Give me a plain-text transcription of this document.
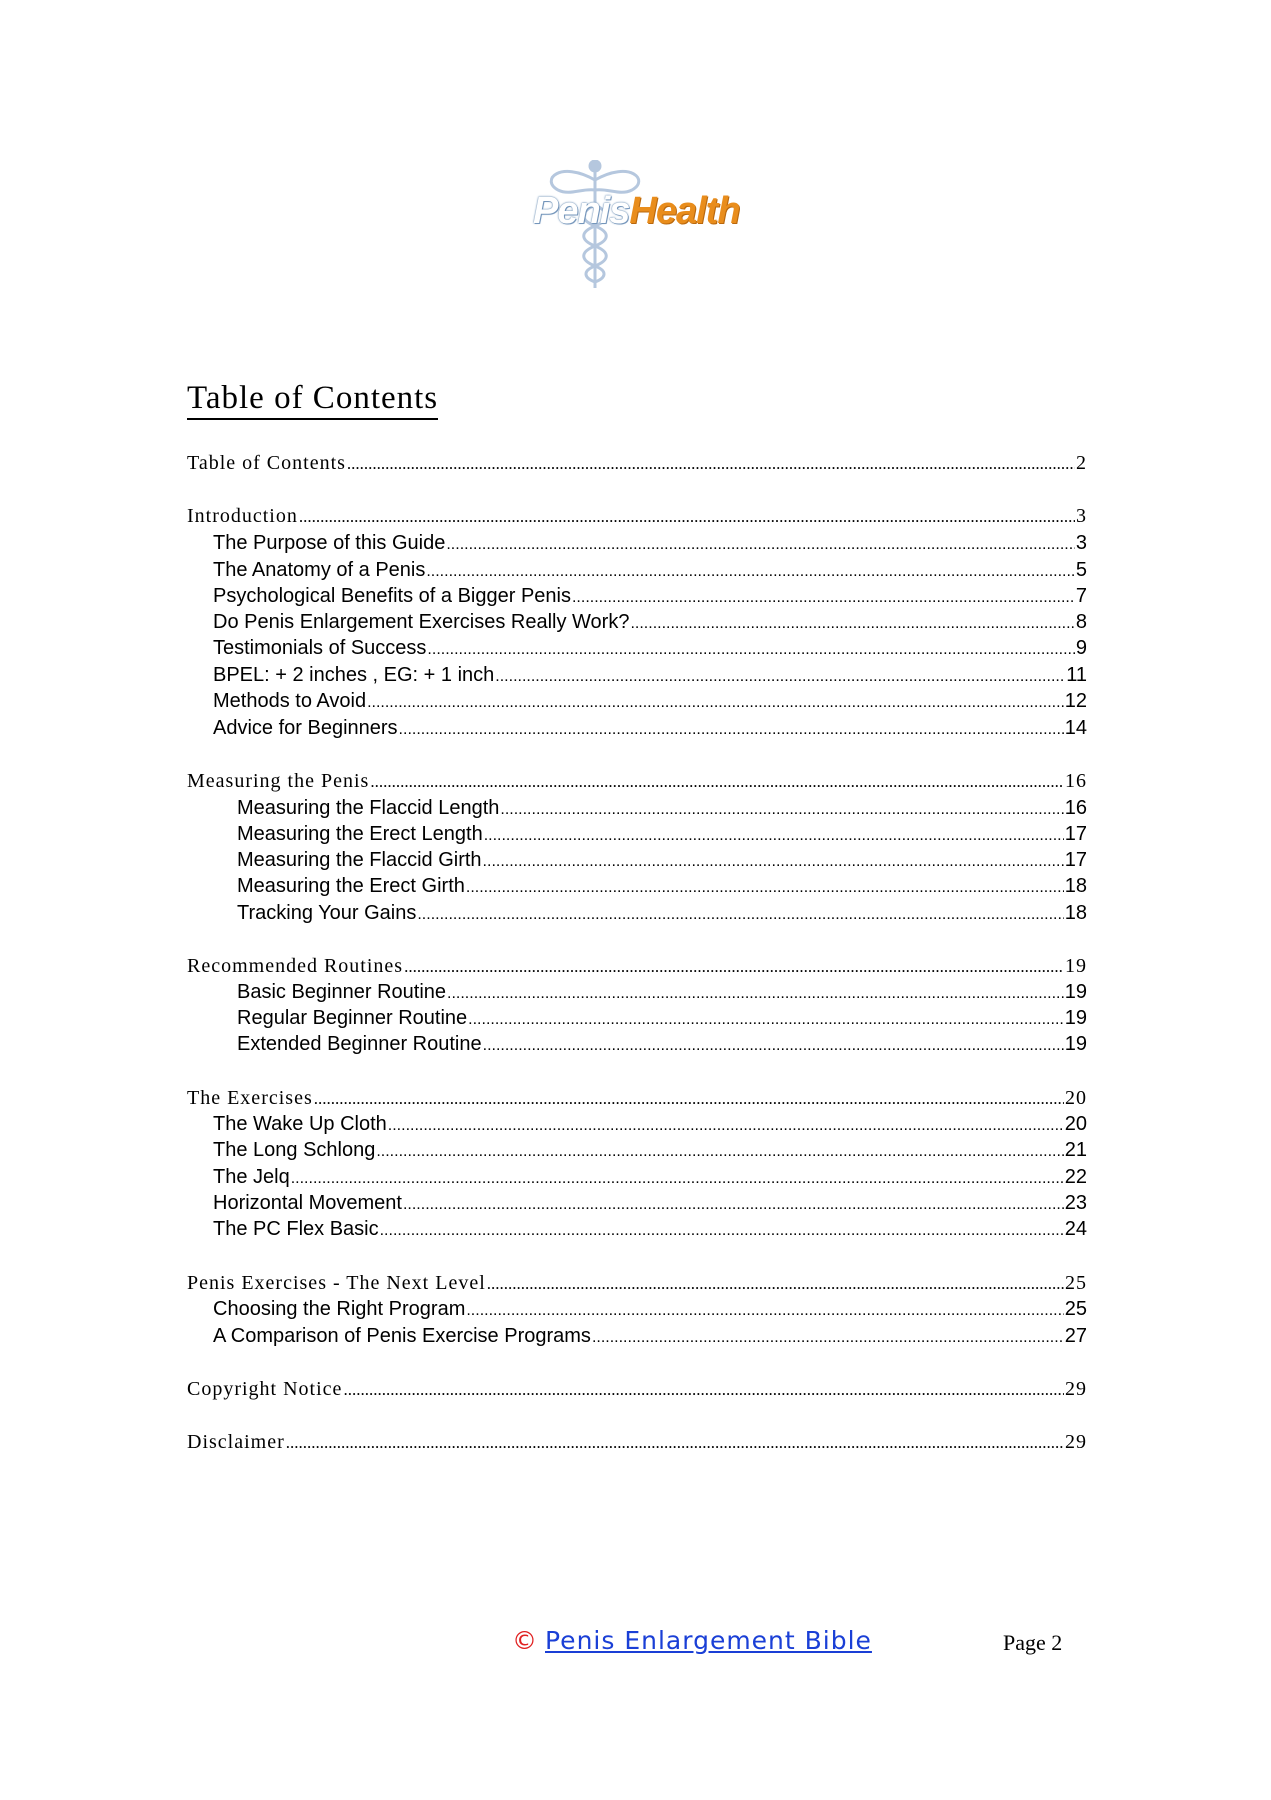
PenisHealth
Table of Contents
Table of Contents .....	2
Introduction .....	3
The Purpose of this Guide .....	3
The Anatomy of a Penis .....	5
Psychological Benefits of a Bigger Penis .....	7
Do Penis Enlargement Exercises Really Work? .....	8
Testimonials of Success .....	9
BPEL: + 2 inches , EG: + 1 inch .....	11
Methods to Avoid .....	12
Advice for Beginners .....	14
Measuring the Penis .....	16
Measuring the Flaccid Length .....	16
Measuring the Erect Length .....	17
Measuring the Flaccid Girth .....	17
Measuring the Erect Girth .....	18
Tracking Your Gains .....	18
Recommended Routines .....	19
Basic Beginner Routine .....	19
Regular Beginner Routine .....	19
Extended Beginner Routine .....	19
The Exercises .....	20
The Wake Up Cloth .....	20
The Long Schlong .....	21
The Jelq .....	22
Horizontal Movement .....	23
The PC Flex Basic .....	24
Penis Exercises - The Next Level .....	25
Choosing the Right Program .....	25
A Comparison of Penis Exercise Programs .....	27
Copyright Notice .....	29
Disclaimer .....	29
© Penis Enlargement Bible	Page 2
